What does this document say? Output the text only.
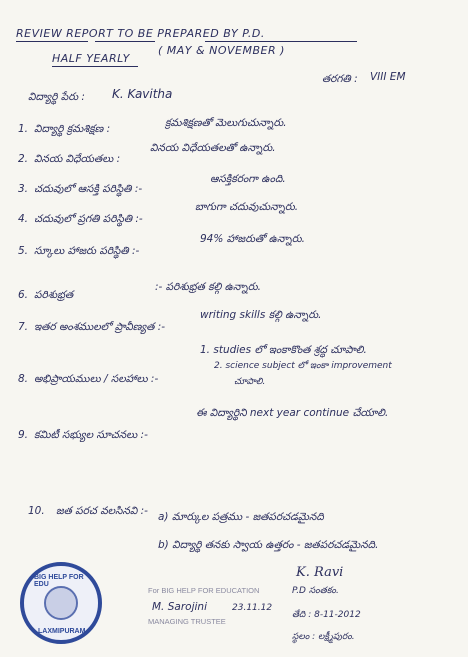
REVIEW REPORT TO BE PREPARED BY P.D.
HALF YEARLY
( MAY & NOVEMBER )
విద్యార్థి పేరు : K. Kavitha
తరగతి : VIII EM
1. విద్యార్థి క్రమశిక్షణ :	క్రమశిక్షణతో మెలుగుచున్నారు.
2. వినయ విధేయతలు :
వినయ విధేయతలతో ఉన్నారు.
3. చదువులో ఆసక్తి పరిస్థితి :-
ఆసక్తికరంగా ఉంది.
4. చదువులో ప్రగతి పరిస్థితి :-
బాగుగా చదువుచున్నారు.
5. స్కూలు హాజరు పరిస్థితి :-
94% హాజరుతో ఉన్నారు.
6. పరిశుభ్రత
:- పరిశుభ్రత కల్గి ఉన్నారు.
7. ఇతర అంశములలో ప్రావీణ్యత :-
writing skills కల్గి ఉన్నారు.
8. అభిప్రాయములు / సలహాలు :-
1. studies లో ఇంకాకొంత శ్రద్ధ చూపాలి.
2. science subject లో ఇంకా improvement
చూపాలి.
9. కమిటీ సభ్యుల సూచనలు :-
ఈ విద్యార్థిని next year continue చేయాలి.
10. జత పరచ వలసినవి :- a) మార్కుల పత్రము - జతపరచడమైనది
b) విద్యార్థి తనకు స్వాయ ఉత్తరం - జతపరచడమైనది.
BIG HELP FOR EDU
LAXMIPURAM
For BIG HELP FOR EDUCATION
M. Sarojini	23.11.12
MANAGING TRUSTEE
K. Ravi
P.D సంతకం.
తేది : 8-11-2012
స్థలం : లక్ష్మీపురం.
